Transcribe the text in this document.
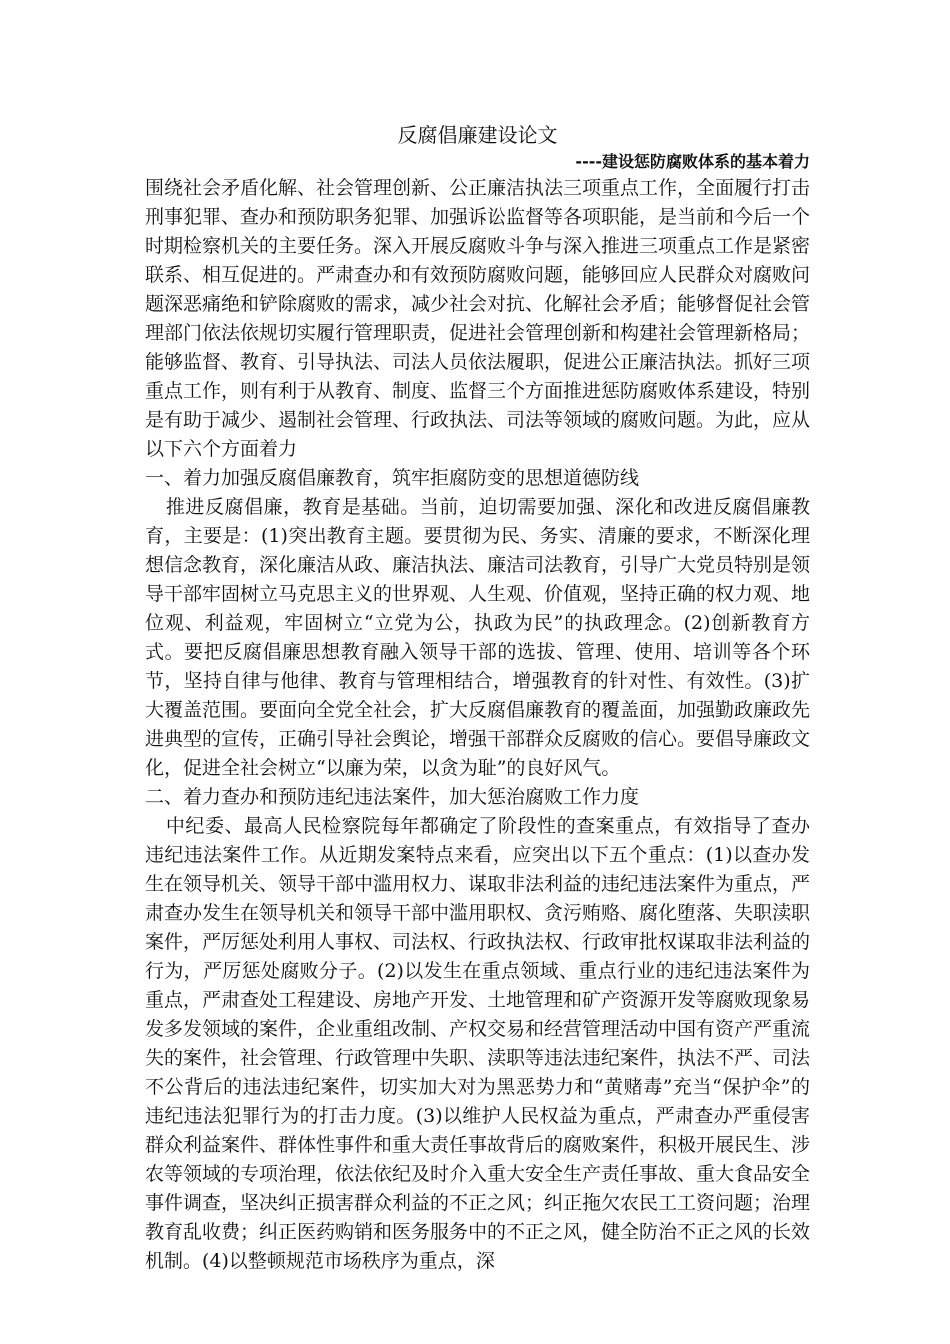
反腐倡廉建设论文
----建设惩防腐败体系的基本着力

围绕社会矛盾化解、社会管理创新、公正廉洁执法三项重点工作，全面履行打击刑事犯罪、查办和预防职务犯罪、加强诉讼监督等各项职能，是当前和今后一个时期检察机关的主要任务。深入开展反腐败斗争与深入推进三项重点工作是紧密联系、相互促进的。严肃查办和有效预防腐败问题，能够回应人民群众对腐败问题深恶痛绝和铲除腐败的需求，减少社会对抗、化解社会矛盾；能够督促社会管理部门依法依规切实履行管理职责，促进社会管理创新和构建社会管理新格局；能够监督、教育、引导执法、司法人员依法履职，促进公正廉洁执法。抓好三项重点工作，则有利于从教育、制度、监督三个方面推进惩防腐败体系建设，特别是有助于减少、遏制社会管理、行政执法、司法等领域的腐败问题。为此，应从以下六个方面着力

一、着力加强反腐倡廉教育，筑牢拒腐防变的思想道德防线

推进反腐倡廉，教育是基础。当前，迫切需要加强、深化和改进反腐倡廉教育，主要是：(1)突出教育主题。要贯彻为民、务实、清廉的要求，不断深化理想信念教育，深化廉洁从政、廉洁执法、廉洁司法教育，引导广大党员特别是领导干部牢固树立马克思主义的世界观、人生观、价值观，坚持正确的权力观、地位观、利益观，牢固树立“立党为公，执政为民”的执政理念。(2)创新教育方式。要把反腐倡廉思想教育融入领导干部的选拔、管理、使用、培训等各个环节，坚持自律与他律、教育与管理相结合，增强教育的针对性、有效性。(3)扩大覆盖范围。要面向全党全社会，扩大反腐倡廉教育的覆盖面，加强勤政廉政先进典型的宣传，正确引导社会舆论，增强干部群众反腐败的信心。要倡导廉政文化，促进全社会树立“以廉为荣，以贪为耻”的良好风气。

二、着力查办和预防违纪违法案件，加大惩治腐败工作力度

中纪委、最高人民检察院每年都确定了阶段性的查案重点，有效指导了查办违纪违法案件工作。从近期发案特点来看，应突出以下五个重点：(1)以查办发生在领导机关、领导干部中滥用权力、谋取非法利益的违纪违法案件为重点，严肃查办发生在领导机关和领导干部中滥用职权、贪污贿赂、腐化堕落、失职渎职案件，严厉惩处利用人事权、司法权、行政执法权、行政审批权谋取非法利益的行为，严厉惩处腐败分子。(2)以发生在重点领域、重点行业的违纪违法案件为重点，严肃查处工程建设、房地产开发、土地管理和矿产资源开发等腐败现象易发多发领域的案件，企业重组改制、产权交易和经营管理活动中国有资产严重流失的案件，社会管理、行政管理中失职、渎职等违法违纪案件，执法不严、司法不公背后的违法违纪案件，切实加大对为黑恶势力和“黄赌毒”充当“保护伞”的违纪违法犯罪行为的打击力度。(3)以维护人民权益为重点，严肃查办严重侵害群众利益案件、群体性事件和重大责任事故背后的腐败案件，积极开展民生、涉农等领域的专项治理，依法依纪及时介入重大安全生产责任事故、重大食品安全事件调查，坚决纠正损害群众利益的不正之风；纠正拖欠农民工工资问题；治理教育乱收费；纠正医药购销和医务服务中的不正之风，健全防治不正之风的长效机制。(4)以整顿规范市场秩序为重点，深
